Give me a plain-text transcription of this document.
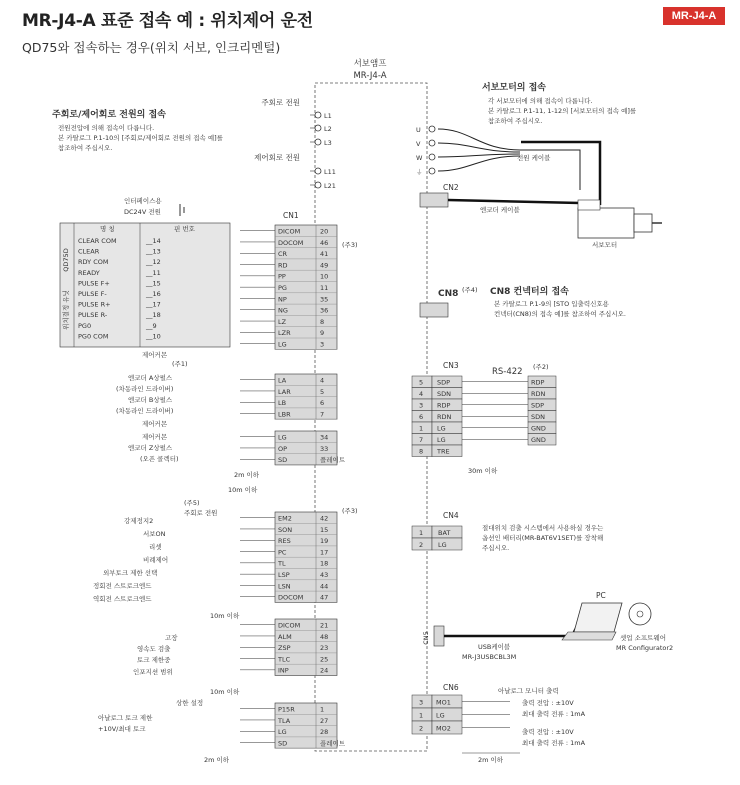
MR-J4-A 표준 접속 예 : 위치제어 운전	MR-J4-A
QD75와 접속하는 경우(위치 서보, 인크리멘털)
서보앰프
MR-J4-A
주회로 전원
제어회로 전원
L1
L2
L3
L11
L21
주회로/제어회로 전원의 접속
전원전압에 의해 접속이 다릅니다.
본 카탈로그 P.1-10의 [주회로/제어회로 전원의 접속 예]를
참조하여 주십시오.
서보모터의 접속
각 서보모터에 의해 접속이 다릅니다.
본 카탈로그 P.1-11, 1-12의 [서보모터의 접속 예]를
참조하여 주십시오.
U
V
W
⏚
전원 케이블
CN2
엔코더 케이블
서보모터
CN8 (주4) CN8 컨넥터의 접속
본 카탈로그 P.1-9의 [STO 입출력신호용
컨넥터(CN8)의 접속 예]를 참조하여 주십시오.
인터페이스용
DC24V 전원	CN1
QD75D
위치결정 유닛
명 칭	핀 번호
CLEAR COM	__14
CLEAR	__13
RDY COM	__12
READY	__11
PULSE F+	__15
PULSE F-	__16
PULSE R+	__17
PULSE R-	__18
PG0	__9
PG0 COM	__10
DICOM	20
DOCOM	46
CR	41
RD	49
PP	10
PG	11
NP	35
NG	36
LZ	8
LZR	9
LG	3
LA	4
LAR	5
LB	6
LBR	7
LG	34
OP	33
SD	플레이트
EM2	42
SON	15
RES	19
PC	17
TL	18
LSP	43
LSN	44
DOCOM	47
DICOM	21
ALM	48
ZSP	23
TLC	25
INP	24
P15R	1
TLA	27
LG	28
SD	플레이트
제어커몬
(주1)
엔코더 A상펄스
(차동라인 드라이버)
엔코더 B상펄스
(차동라인 드라이버)
제어커몬
제어커몬
엔코더 Z상펄스
(오픈 콜렉터)
2m 이하
10m 이하
(주5)
주회로 전원
강제정지2
서보ON
리셋
비례제어
외부토크 제한 선택
정회전 스트로크엔드
역회전 스트로크엔드
10m 이하
고장
영속도 검출
토크 제한중
인포지션 범위
10m 이하
상한 설정
아날로그 토크 제한
+10V/최대 토크
2m 이하
(주3)
(주3)
CN3
RS-422 (주2)
5 SDP	RDP
4 SDN	RDN
3 RDP	SDP
6 RDN	SDN
1 LG	GND
7 LG	GND
8 TRE
30m 이하
CN4
1 BAT
2 LG
절대위치 검출 시스템에서 사용하실 경우는
옵션인 배터리(MR-BAT6V1SET)를 장착해
주십시오.
CN5
USB케이블
MR-J3USBCBL3M
PC
셋업 소프트웨어
MR Configurator2
CN6
3 MO1
1 LG
2 MO2
아날로그 모니터 출력
출력 전압 : ±10V
최대 출력 전류 : 1mA
출력 전압 : ±10V
최대 출력 전류 : 1mA
2m 이하
